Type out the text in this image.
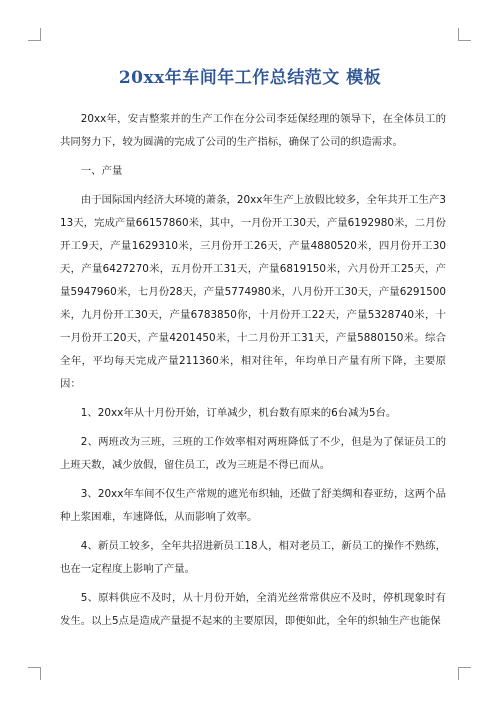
20xx年车间年工作总结范文 模板

20xx年，安吉整浆并的生产工作在分公司李廷保经理的领导下，在全体员工的共同努力下，较为圆满的完成了公司的生产指标，确保了公司的织造需求。

一、产量

由于国际国内经济大环境的萧条，20xx年生产上放假比较多，全年共开工生产313天，完成产量66157860米，其中，一月份开工30天，产量6192980米，二月份开工9天，产量1629310米，三月份开工26天，产量4880520米，四月份开工30天，产量6427270米，五月份开工31天，产量6819150米，六月份开工25天，产量5947960米，七月份28天，产量5774980米，八月份开工30天，产量6291500米，九月份开工30天，产量6783850你，十月份开工22天，产量5328740米，十一月份开工20天，产量4201450米，十二月份开工31天，产量5880150米。综合全年，平均每天完成产量211360米，相对往年，年均单日产量有所下降，主要原因：

1、20xx年从十月份开始，订单减少，机台数有原来的6台减为5台。

2、两班改为三班，三班的工作效率相对两班降低了不少，但是为了保证员工的上班天数，减少放假，留住员工，改为三班是不得已而从。

3、20xx年车间不仅生产常规的遮光布织轴，还做了舒美绸和春亚纺，这两个品种上浆困难，车速降低，从而影响了效率。

4、新员工较多，全年共招进新员工18人，相对老员工，新员工的操作不熟练，也在一定程度上影响了产量。

5、原料供应不及时，从十月份开始，全消光丝常常供应不及时，停机现象时有发生。以上5点是造成产量提不起来的主要原因，即便如此，全年的织轴生产也能保
